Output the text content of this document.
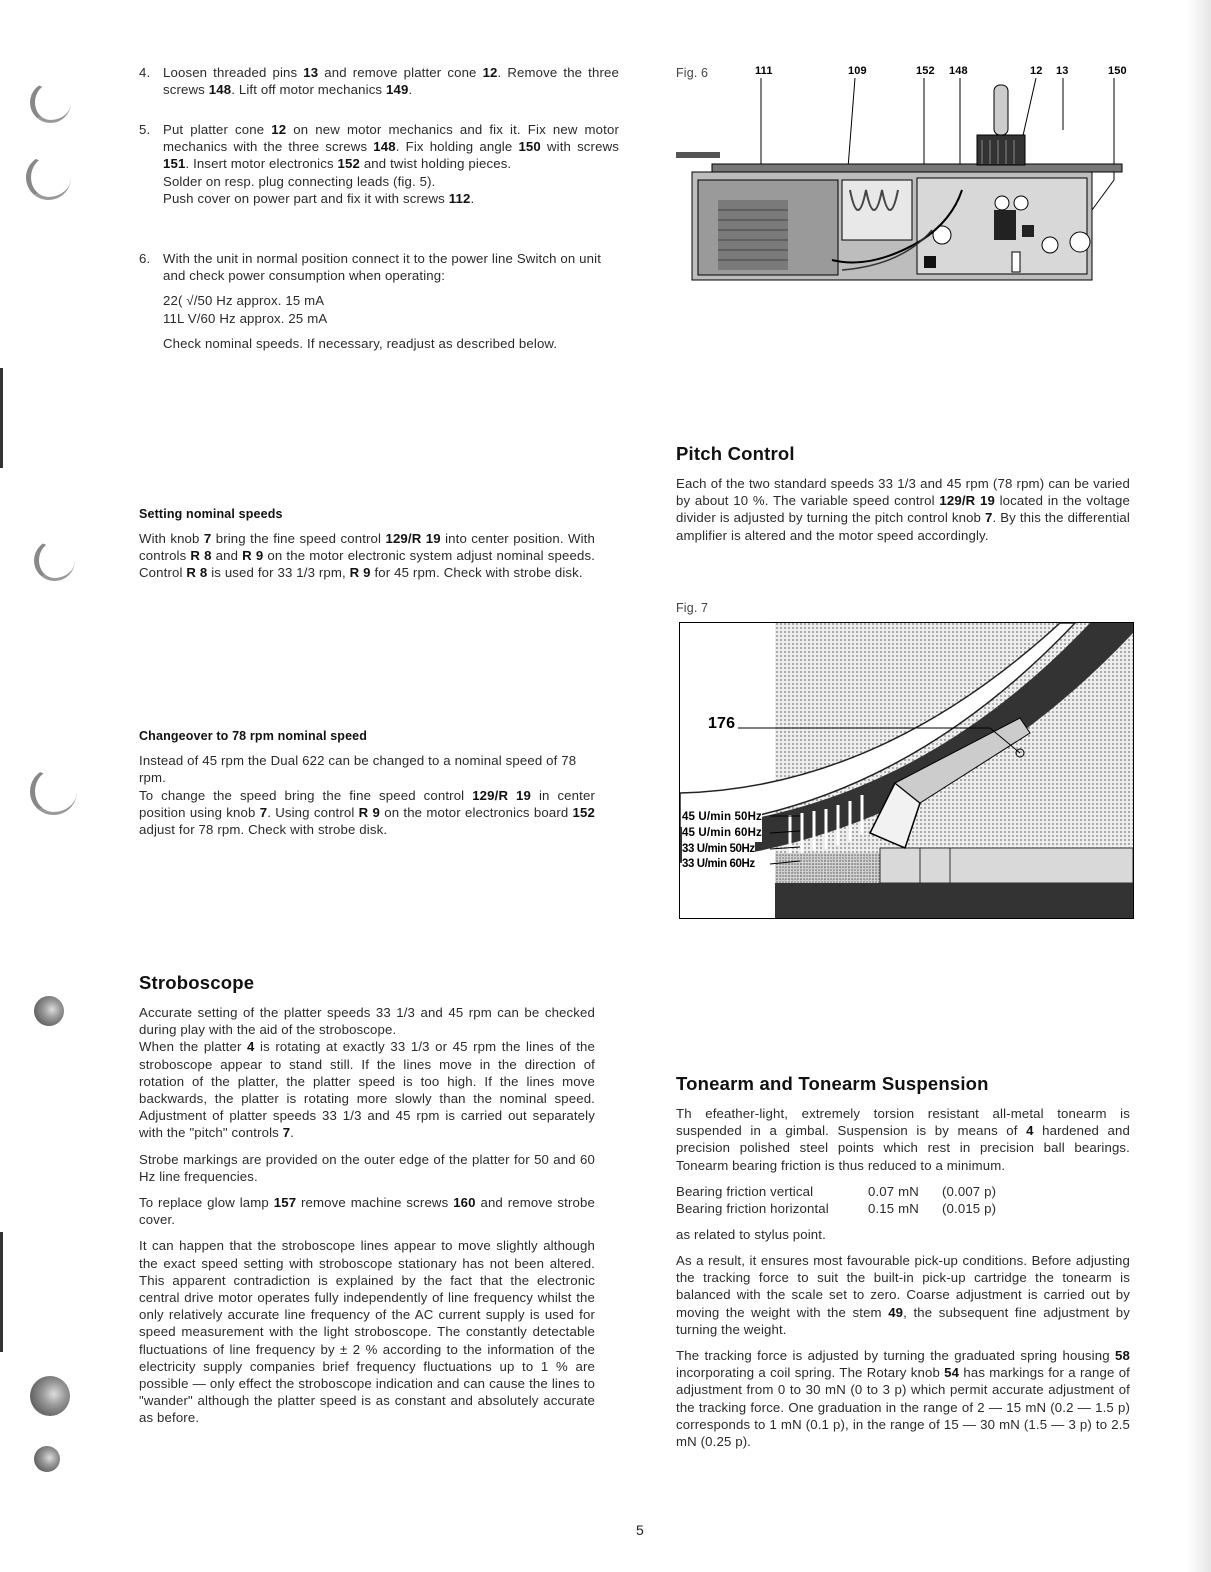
4. Loosen threaded pins 13 and remove platter cone 12. Remove the three screws 148. Lift off motor mechanics 149.

5. Put platter cone 12 on new motor mechanics and fix it. Fix new motor mechanics with the three screws 148. Fix holding angle 150 with screws 151. Insert motor electronics 152 and twist holding pieces.

Solder on resp. plug connecting leads (fig. 5).

Push cover on power part and fix it with screws 112.

6. With the unit in normal position connect it to the power line Switch on unit and check power consumption when operating:

22( √/50 Hz approx. 15 mA

11L V/60 Hz approx. 25 mA

Check nominal speeds. If necessary, readjust as described below.

Fig. 6	111	109	152 148	12 13	150
Pitch Control

Each of the two standard speeds 33 1/3 and 45 rpm (78 rpm) can be varied by about 10 %. The variable speed control 129/R 19 located in the voltage divider is adjusted by turning the pitch control knob 7. By this the differential amplifier is altered and the motor speed accordingly.

Setting nominal speeds

With knob 7 bring the fine speed control 129/R 19 into center position. With controls R 8 and R 9 on the motor electronic system adjust nominal speeds. Control R 8 is used for 33 1/3 rpm, R 9 for 45 rpm. Check with strobe disk.

Fig. 7
176
45 U/min 50Hz
45 U/min 60Hz
33 U/min 50Hz
33 U/min 60Hz
Changeover to 78 rpm nominal speed

Instead of 45 rpm the Dual 622 can be changed to a nominal speed of 78 rpm.

To change the speed bring the fine speed control 129/R 19 in center position using knob 7. Using control R 9 on the motor electronics board 152 adjust for 78 rpm. Check with strobe disk.

Stroboscope

Accurate setting of the platter speeds 33 1/3 and 45 rpm can be checked during play with the aid of the stroboscope.

When the platter 4 is rotating at exactly 33 1/3 or 45 rpm the lines of the stroboscope appear to stand still. If the lines move in the direction of rotation of the platter, the platter speed is too high. If the lines move backwards, the platter is rotating more slowly than the nominal speed. Adjustment of platter speeds 33 1/3 and 45 rpm is carried out separately with the "pitch" controls 7.

Strobe markings are provided on the outer edge of the platter for 50 and 60 Hz line frequencies.

To replace glow lamp 157 remove machine screws 160 and remove strobe cover.

It can happen that the stroboscope lines appear to move slightly although the exact speed setting with stroboscope stationary has not been altered. This apparent contradiction is explained by the fact that the electronic central drive motor operates fully independently of line frequency whilst the only relatively accurate line frequency of the AC current supply is used for speed measurement with the light stroboscope. The constantly detectable fluctuations of line frequency by ± 2 % according to the information of the electricity supply companies brief frequency fluctuations up to 1 % are possible — only effect the stroboscope indication and can cause the lines to "wander" although the platter speed is as constant and absolutely accurate as before.

Tonearm and Tonearm Suspension

Th efeather-light, extremely torsion resistant all-metal tonearm is suspended in a gimbal. Suspension is by means of 4 hardened and precision polished steel points which rest in precision ball bearings. Tonearm bearing friction is thus reduced to a minimum.

Bearing friction vertical	0.07 mN (0.007 p)
Bearing friction horizontal	0.15 mN (0.015 p)

as related to stylus point.

As a result, it ensures most favourable pick-up conditions. Before adjusting the tracking force to suit the built-in pick-up cartridge the tonearm is balanced with the scale set to zero. Coarse adjustment is carried out by moving the weight with the stem 49, the subsequent fine adjustment by turning the weight.

The tracking force is adjusted by turning the graduated spring housing 58 incorporating a coil spring. The Rotary knob 54 has markings for a range of adjustment from 0 to 30 mN (0 to 3 p) which permit accurate adjustment of the tracking force. One graduation in the range of 2 — 15 mN (0.2 — 1.5 p) corresponds to 1 mN (0.1 p), in the range of 15 — 30 mN (1.5 — 3 p) to 2.5 mN (0.25 p).

5
